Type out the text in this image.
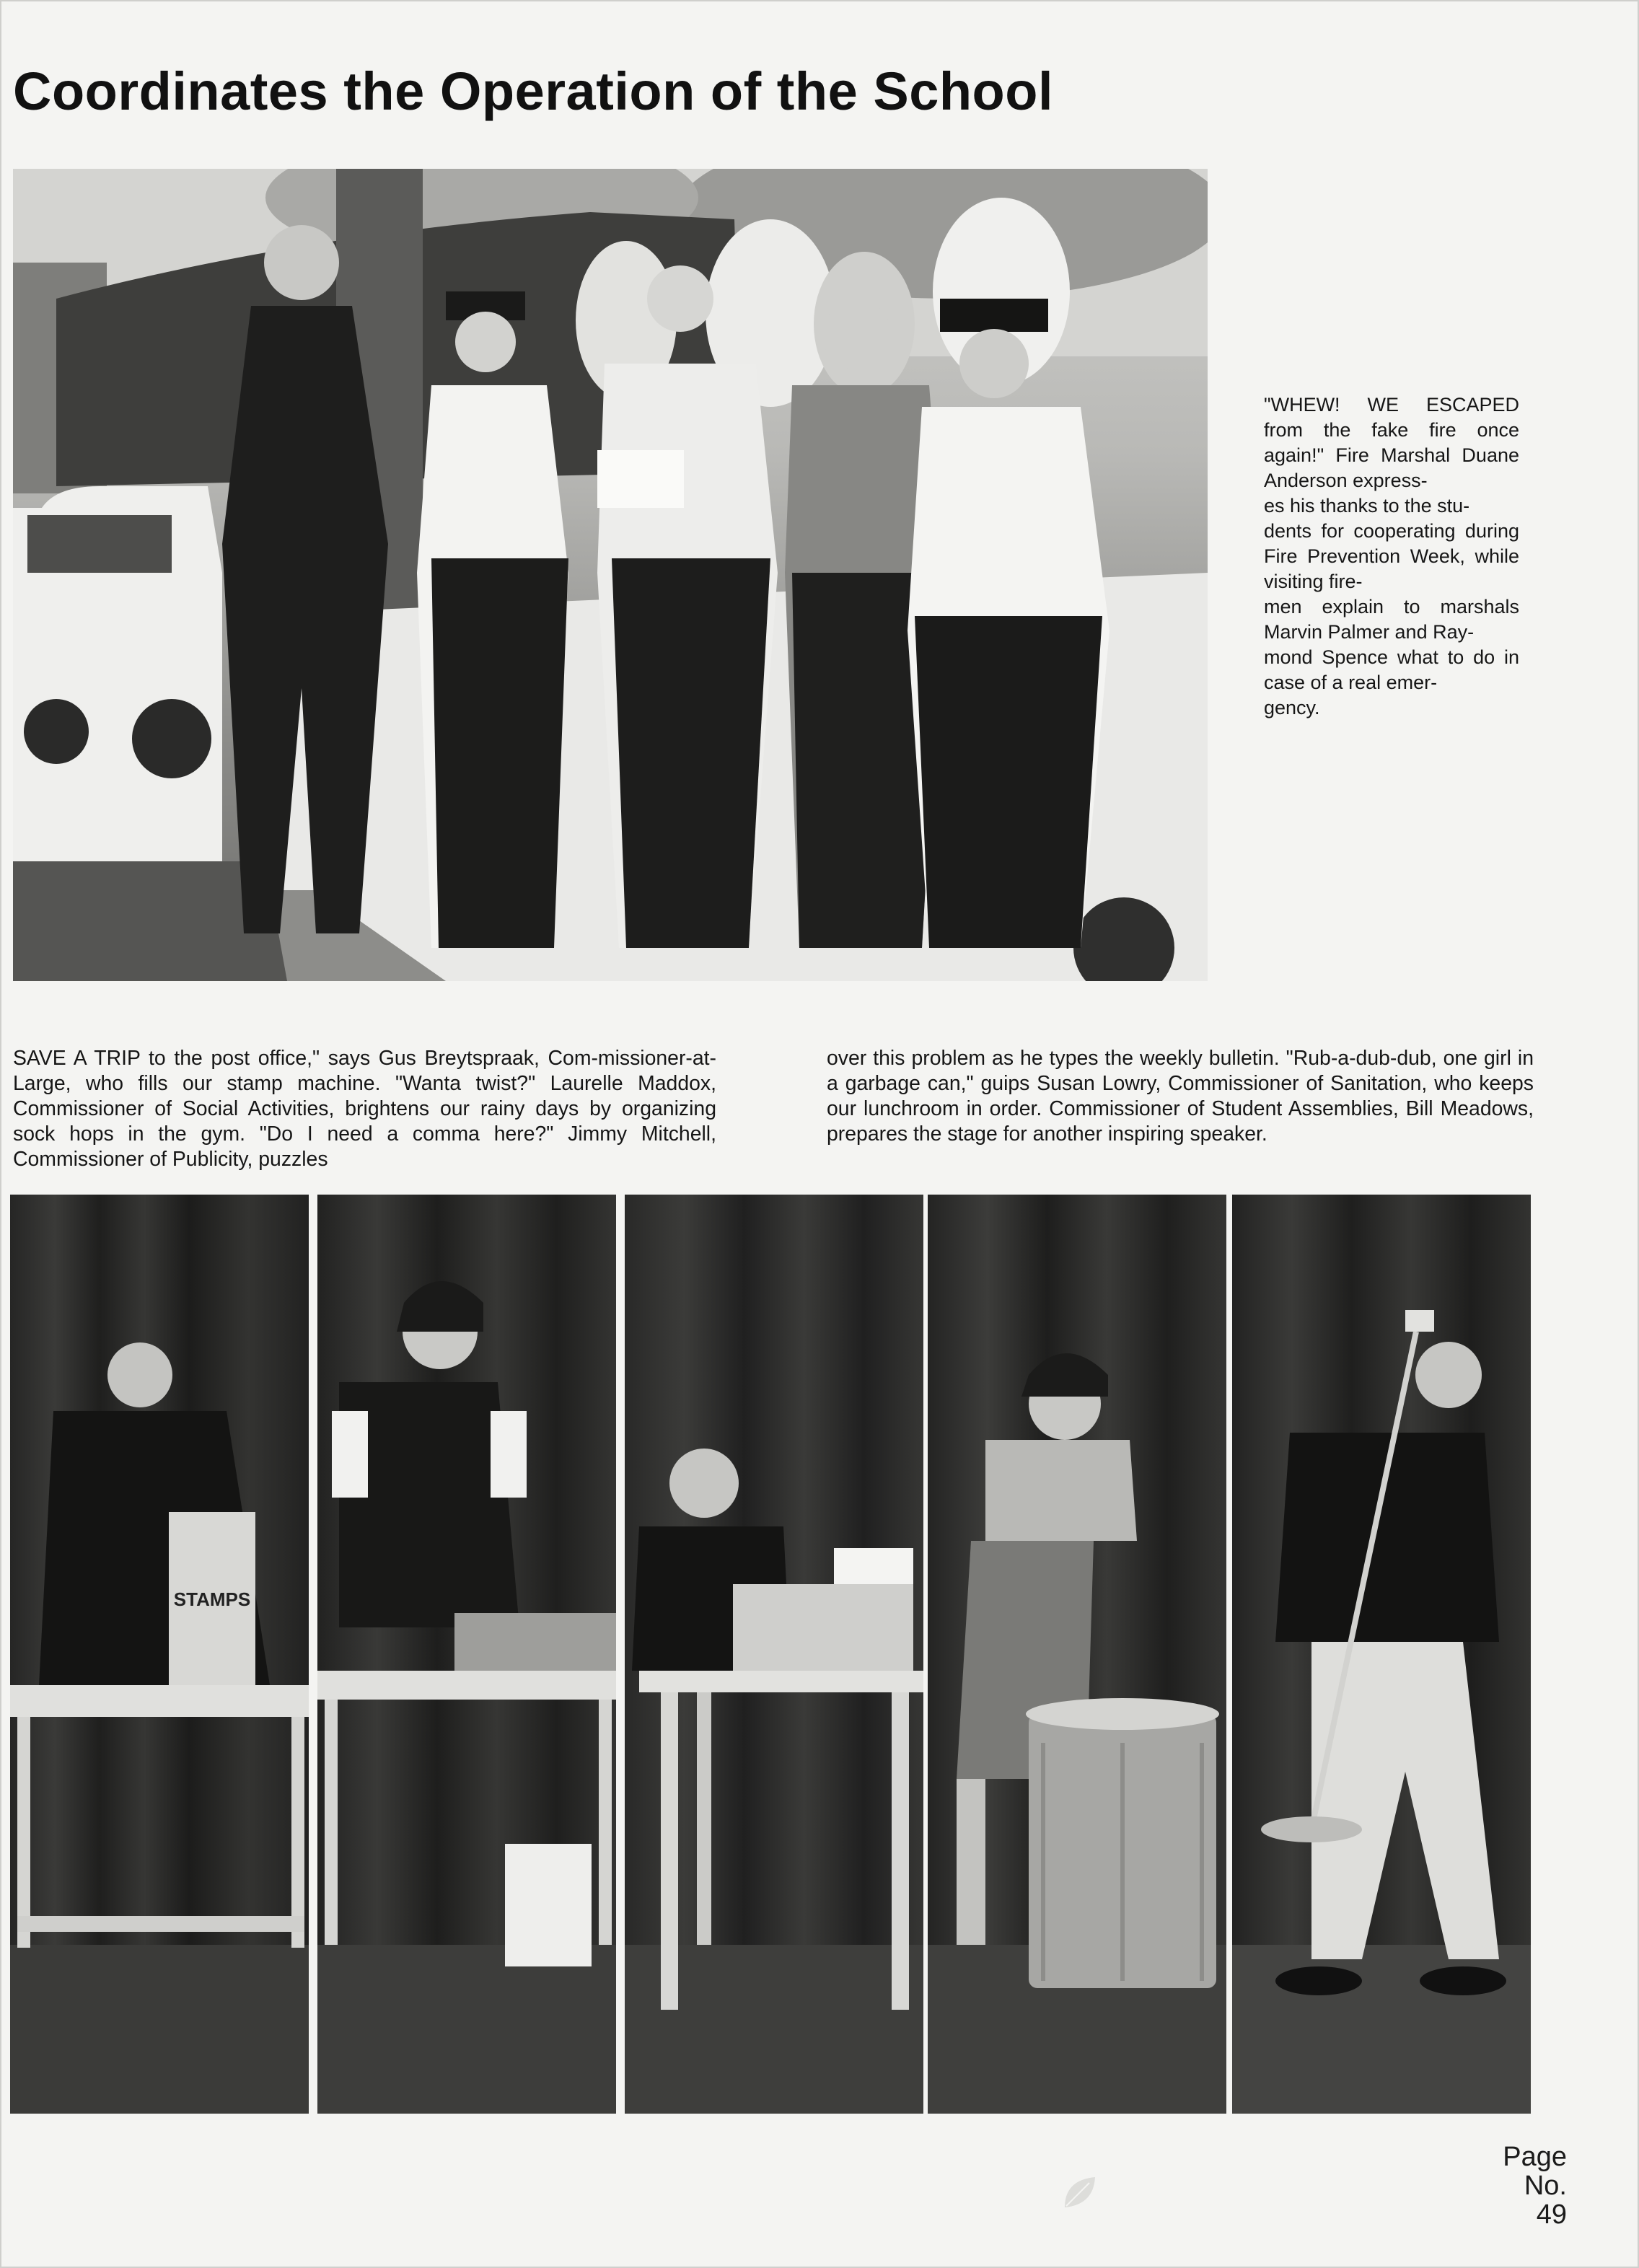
Coordinates the Operation of the School
"WHEW! WE ESCAPED from the fake fire once again!" Fire Marshal Duane Anderson express-
es his thanks to the stu-
dents for cooperating during Fire Prevention Week, while visiting fire-
men explain to marshals Marvin Palmer and Ray-
mond Spence what to do in case of a real emer-
gency.

SAVE A TRIP to the post office," says Gus Breytspraak, Com-missioner-at-Large, who fills our stamp machine. "Wanta twist?" Laurelle Maddox, Commissioner of Social Activities, brightens our rainy days by organizing sock hops in the gym. "Do I need a comma here?" Jimmy Mitchell, Commissioner of Publicity, puzzles

over this problem as he types the weekly bulletin. "Rub-a-dub-dub, one girl in a garbage can," guips Susan Lowry, Commissioner of Sanitation, who keeps our lunchroom in order. Commissioner of Student Assemblies, Bill Meadows, prepares the stage for another inspiring speaker.

STAMPS
Page
No.
49
